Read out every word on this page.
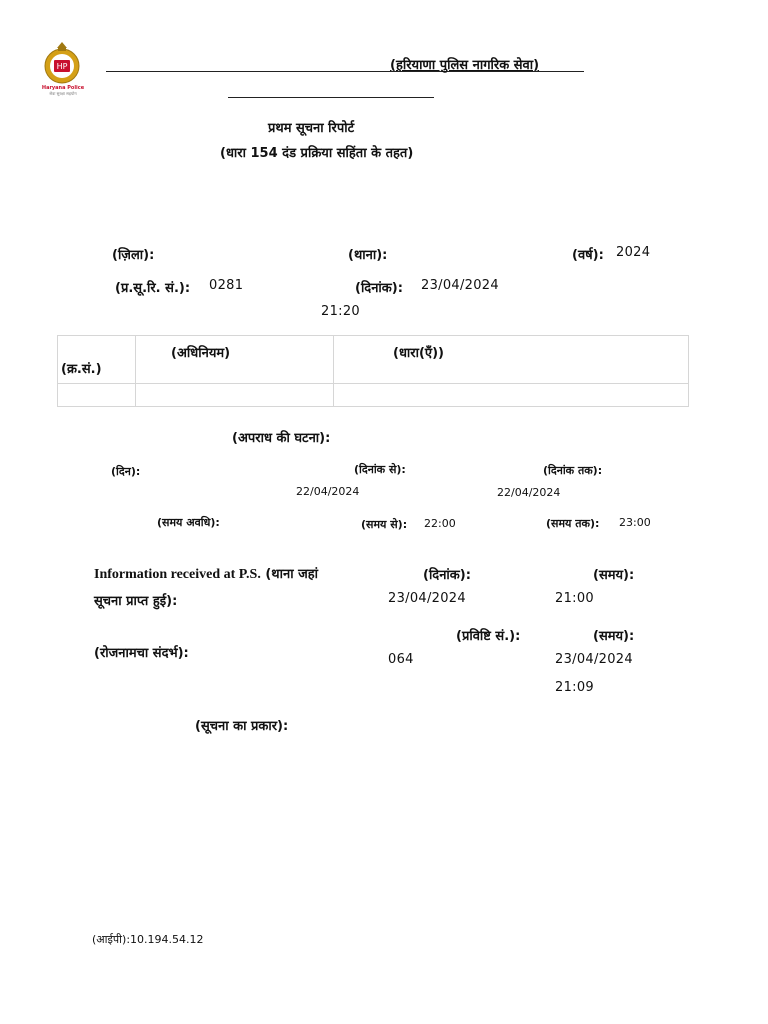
HP
Haryana Police
सेवा सुरक्षा सहयोग
(हरियाणा पुलिस नागरिक सेवा)
प्रथम सूचना रिपोर्ट
(धारा 154 दंड प्रक्रिया सहिंता के तहत)
(ज़िला):	(थाना):	(वर्ष): 2024
(प्र.सू.रि. सं.): 0281	(दिनांक): 23/04/2024
21:20
(क्र.सं.)	(अधिनियम)	(धारा(एँ))

(अपराध की घटना):
(दिन):	(दिनांक से):
22/04/2024
(दिनांक तक):
22/04/2024
(समय अवधि):	(समय से): 22:00	(समय तक): 23:00
Information received at P.S. (थाना जहां
सूचना प्राप्त हुई):
(दिनांक):
23/04/2024
(समय):
21:00
(रोजनामचा संदर्भ):
(प्रविष्टि सं.):
064
(समय):
23/04/2024
21:09
(सूचना का प्रकार):
(आईपी):10.194.54.12
